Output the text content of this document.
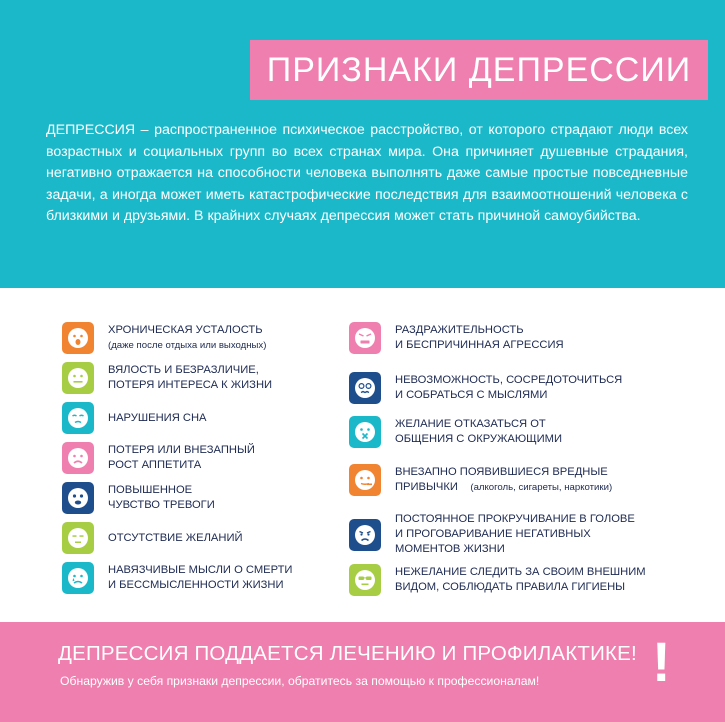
ПРИЗНАКИ ДЕПРЕССИИ

ДЕПРЕССИЯ – распространенное психическое расстройство, от которого страдают люди всех возрастных и социальных групп во всех странах мира. Она причиняет душевные страдания, негативно отражается на способности человека выполнять даже самые простые повседневные задачи, а иногда может иметь катастрофические последствия для взаимоотношений человека с близкими и друзьями. В крайних случаях депрессия может стать причиной самоубийства.

ХРОНИЧЕСКАЯ УСТАЛОСТЬ
(даже после отдыха или выходных)
ВЯЛОСТЬ И БЕЗРАЗЛИЧИЕ,
ПОТЕРЯ ИНТЕРЕСА К ЖИЗНИ
НАРУШЕНИЯ СНА
ПОТЕРЯ ИЛИ ВНЕЗАПНЫЙ
РОСТ АППЕТИТА
ПОВЫШЕННОЕ
ЧУВСТВО ТРЕВОГИ
ОТСУТСТВИЕ ЖЕЛАНИЙ
НАВЯЗЧИВЫЕ МЫСЛИ О СМЕРТИ
И БЕССМЫСЛЕННОСТИ ЖИЗНИ
РАЗДРАЖИТЕЛЬНОСТЬ
И БЕСПРИЧИННАЯ АГРЕССИЯ
НЕВОЗМОЖНОСТЬ, СОСРЕДОТОЧИТЬСЯ
И СОБРАТЬСЯ С МЫСЛЯМИ
ЖЕЛАНИЕ ОТКАЗАТЬСЯ ОТ
ОБЩЕНИЯ С ОКРУЖАЮЩИМИ
ВНЕЗАПНО ПОЯВИВШИЕСЯ ВРЕДНЫЕ
ПРИВЫЧКИ (алкоголь, сигареты, наркотики)
ПОСТОЯННОЕ ПРОКРУЧИВАНИЕ В ГОЛОВЕ
И ПРОГОВАРИВАНИЕ НЕГАТИВНЫХ
МОМЕНТОВ ЖИЗНИ
НЕЖЕЛАНИЕ СЛЕДИТЬ ЗА СВОИМ ВНЕШНИМ
ВИДОМ, СОБЛЮДАТЬ ПРАВИЛА ГИГИЕНЫ
ДЕПРЕССИЯ ПОДДАЕТСЯ ЛЕЧЕНИЮ И ПРОФИЛАКТИКЕ!
Обнаружив у себя признаки депрессии, обратитесь за помощью к профессионалам! !
